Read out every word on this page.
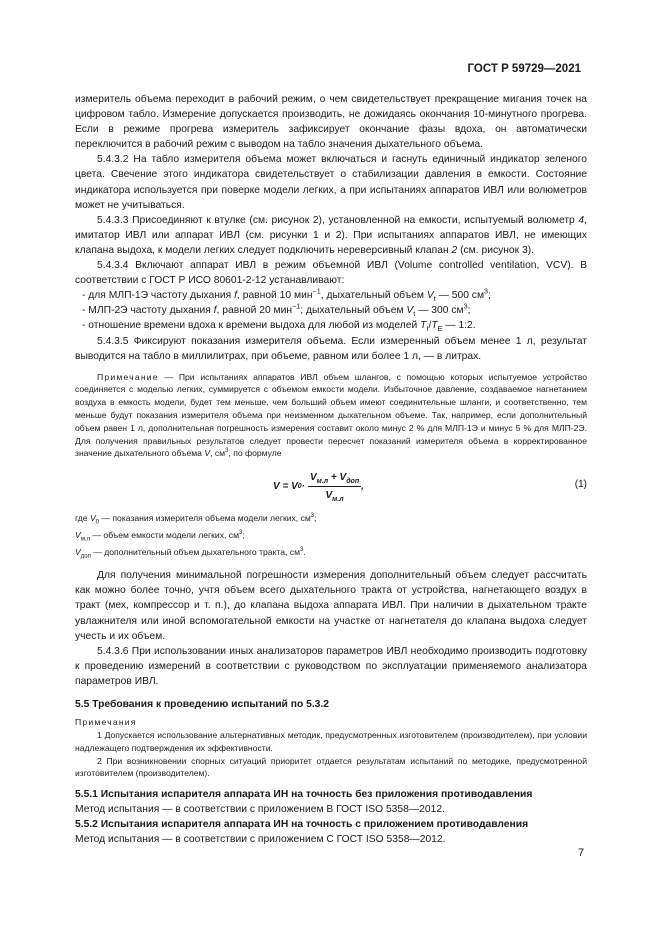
ГОСТ Р 59729—2021

измеритель объема переходит в рабочий режим, о чем свидетельствует прекращение мигания точек на цифровом табло. Измерение допускается производить, не дожидаясь окончания 10-минутного прогрева. Если в режиме прогрева измеритель зафиксирует окончание фазы вдоха, он автоматически переключится в рабочий режим с выводом на табло значения дыхательного объема.

5.4.3.2 На табло измерителя объема может включаться и гаснуть единичный индикатор зеленого цвета. Свечение этого индикатора свидетельствует о стабилизации давления в емкости. Состояние индикатора используется при поверке модели легких, а при испытаниях аппаратов ИВЛ или волюметров может не учитываться.

5.4.3.3 Присоединяют к втулке (см. рисунок 2), установленной на емкости, испытуемый волюметр 4, имитатор ИВЛ или аппарат ИВЛ (см. рисунки 1 и 2). При испытаниях аппаратов ИВЛ, не имеющих клапана выдоха, к модели легких следует подключить нереверсивный клапан 2 (см. рисунок 3).

5.4.3.4 Включают аппарат ИВЛ в режим объемной ИВЛ (Volume controlled ventilation, VCV). В соответствии с ГОСТ Р ИСО 80601-2-12 устанавливают:

- для МЛП-1Э частоту дыхания f, равной 10 мин$^{-1}$, дыхательный объем $V_t$ — 500 $см^3$;

- МЛП-2Э частоту дыхания f, равной 20 мин$^{-1}$; дыхательный объем $V_t$ — 300 $см^3$;

- отношение времени вдоха к времени выдоха для любой из моделей $T_I/T_E$ — 1:2.

5.4.3.5 Фиксируют показания измерителя объема. Если измеренный объем менее 1 л, результат выводится на табло в миллилитрах, при объеме, равном или более 1 л, — в литрах.

Примечание — При испытаниях аппаратов ИВЛ объем шлангов, с помощью которых испытуемое устройство соединяется с моделью легких, суммируется с объемом емкости модели. Избыточное давление, создаваемое нагнетанием воздуха в емкость модели, будет тем меньше, чем больший объем имеют соединительные шланги, и соответственно, тем меньше будут показания измерителя объема при неизменном дыхательном объеме. Так, например, если дополнительный объем равен 1 л, дополнительная погрешность измерения составит около минус 2 % для МЛП-1Э и минус 5 % для МЛП-2Э. Для получения правильных результатов следует провести пересчет показаний измерителя объема в корректированное значение дыхательного объема V, $см^3$, по формуле

V = V $0 \cdot \frac{V_{м.л} + V_{доп}}{V_{м.л}}$ ,	(1)

где $V_0$ — показания измерителя объема модели легких, $см^3$;

$V_{м.л}$ — объем емкости модели легких, $см^3$;

$V_{доп}$ — дополнительный объем дыхательного тракта, $см^3$.

Для получения минимальной погрешности измерения дополнительный объем следует рассчитать как можно более точно, учтя объем всего дыхательного тракта от устройства, нагнетающего воздух в тракт (мех, компрессор и т. п.), до клапана выдоха аппарата ИВЛ. При наличии в дыхательном тракте увлажнителя или иной вспомогательной емкости на участке от нагнетателя до клапана выдоха следует учесть и их объем.

5.4.3.6 При использовании иных анализаторов параметров ИВЛ необходимо производить подготовку к проведению измерений в соответствии с руководством по эксплуатации применяемого анализатора параметров ИВЛ.

5.5 Требования к проведению испытаний по 5.3.2

Примечания

1 Допускается использование альтернативных методик, предусмотренных изготовителем (производителем), при условии надлежащего подтверждения их эффективности.

2 При возникновении спорных ситуаций приоритет отдается результатам испытаний по методике, предусмотренной изготовителем (производителем).

5.5.1 Испытания испарителя аппарата ИН на точность без приложения противодавления

Метод испытания — в соответствии с приложением В ГОСТ ISO 5358—2012.

5.5.2 Испытания испарителя аппарата ИН на точность с приложением противодавления

Метод испытания — в соответствии с приложением С ГОСТ ISO 5358—2012.

7
